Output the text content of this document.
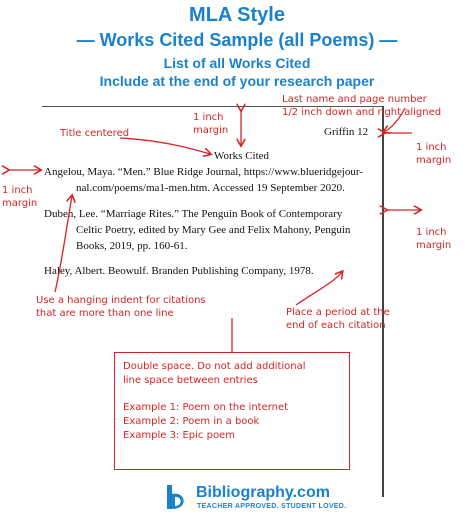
MLA Style
— Works Cited Sample (all Poems) —
List of all Works Cited
Include at the end of your research paper
Griffin 12
Works Cited
Angelou, Maya. “Men.” Blue Ridge Journal, https://www.blueridgejour-
nal.com/poems/ma1-men.htm. Accessed 19 September 2020.
Duben, Lee. “Marriage Rites.” The Penguin Book of Contemporary
Celtic Poetry, edited by Mary Gee and Felix Mahony, Penguin
Books, 2019, pp. 160-61.
Haley, Albert. Beowulf. Branden Publishing Company, 1978.
Last name and page number
1/2 inch down and right aligned
Title centered
1 inch
margin
1 inch
margin
1 inch
margin
1 inch
margin
Use a hanging indent for citations
that are more than one line	Place a period at the
end of each citation
Double space. Do not add additional
line space between entries
Example 1: Poem on the internet
Example 2: Poem in a book
Example 3: Epic poem
Bibliography.com
TEACHER APPROVED. STUDENT LOVED.
